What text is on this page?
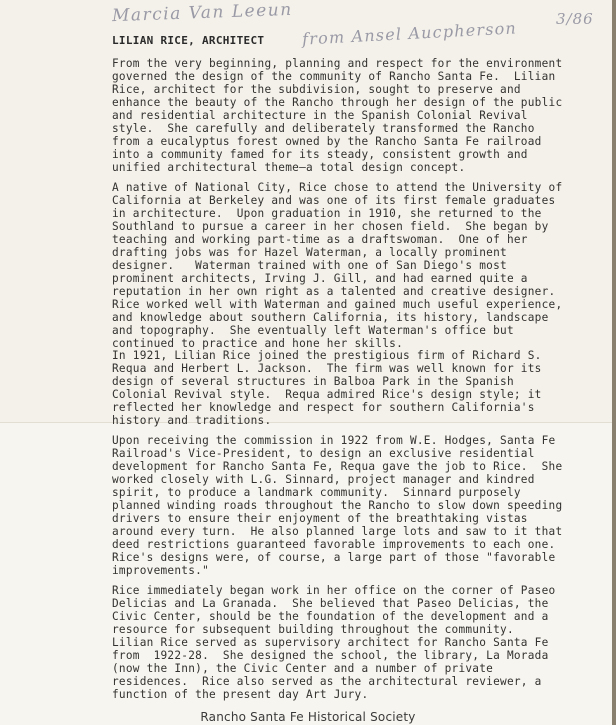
Marcia Van Leeun
from Ansel Aucpherson	3/86
LILIAN RICE, ARCHITECT

From the very beginning, planning and respect for the environment
governed the design of the community of Rancho Santa Fe.  Lilian
Rice, architect for the subdivision, sought to preserve and
enhance the beauty of the Rancho through her design of the public
and residential architecture in the Spanish Colonial Revival
style.  She carefully and deliberately transformed the Rancho
from a eucalyptus forest owned by the Rancho Santa Fe railroad
into a community famed for its steady, consistent growth and
unified architectural theme—a total design concept.

A native of National City, Rice chose to attend the University of
California at Berkeley and was one of its first female graduates
in architecture.  Upon graduation in 1910, she returned to the
Southland to pursue a career in her chosen field.  She began by
teaching and working part-time as a draftswoman.  One of her
drafting jobs was for Hazel Waterman, a locally prominent
designer.   Waterman trained with one of San Diego's most
prominent architects, Irving J. Gill, and had earned quite a
reputation in her own right as a talented and creative designer.
Rice worked well with Waterman and gained much useful experience,
and knowledge about southern California, its history, landscape
and topography.  She eventually left Waterman's office but
continued to practice and hone her skills.

In 1921, Lilian Rice joined the prestigious firm of Richard S.
Requa and Herbert L. Jackson.  The firm was well known for its
design of several structures in Balboa Park in the Spanish
Colonial Revival style.  Requa admired Rice's design style; it
reflected her knowledge and respect for southern California's
history and traditions.

Upon receiving the commission in 1922 from W.E. Hodges, Santa Fe
Railroad's Vice-President, to design an exclusive residential
development for Rancho Santa Fe, Requa gave the job to Rice.  She
worked closely with L.G. Sinnard, project manager and kindred
spirit, to produce a landmark community.  Sinnard purposely
planned winding roads throughout the Rancho to slow down speeding
drivers to ensure their enjoyment of the breathtaking vistas
around every turn.  He also planned large lots and saw to it that
deed restrictions guaranteed favorable improvements to each one.
Rice's designs were, of course, a large part of those "favorable
improvements."

Rice immediately began work in her office on the corner of Paseo
Delicias and La Granada.  She believed that Paseo Delicias, the
Civic Center, should be the foundation of the development and a
resource for subsequent building throughout the community.
Lilian Rice served as supervisory architect for Rancho Santa Fe
from  1922-28.  She designed the school, the library, La Morada
(now the Inn), the Civic Center and a number of private
residences.  Rice also served as the architectural reviewer, a
function of the present day Art Jury.

Rancho Santa Fe Historical Society
